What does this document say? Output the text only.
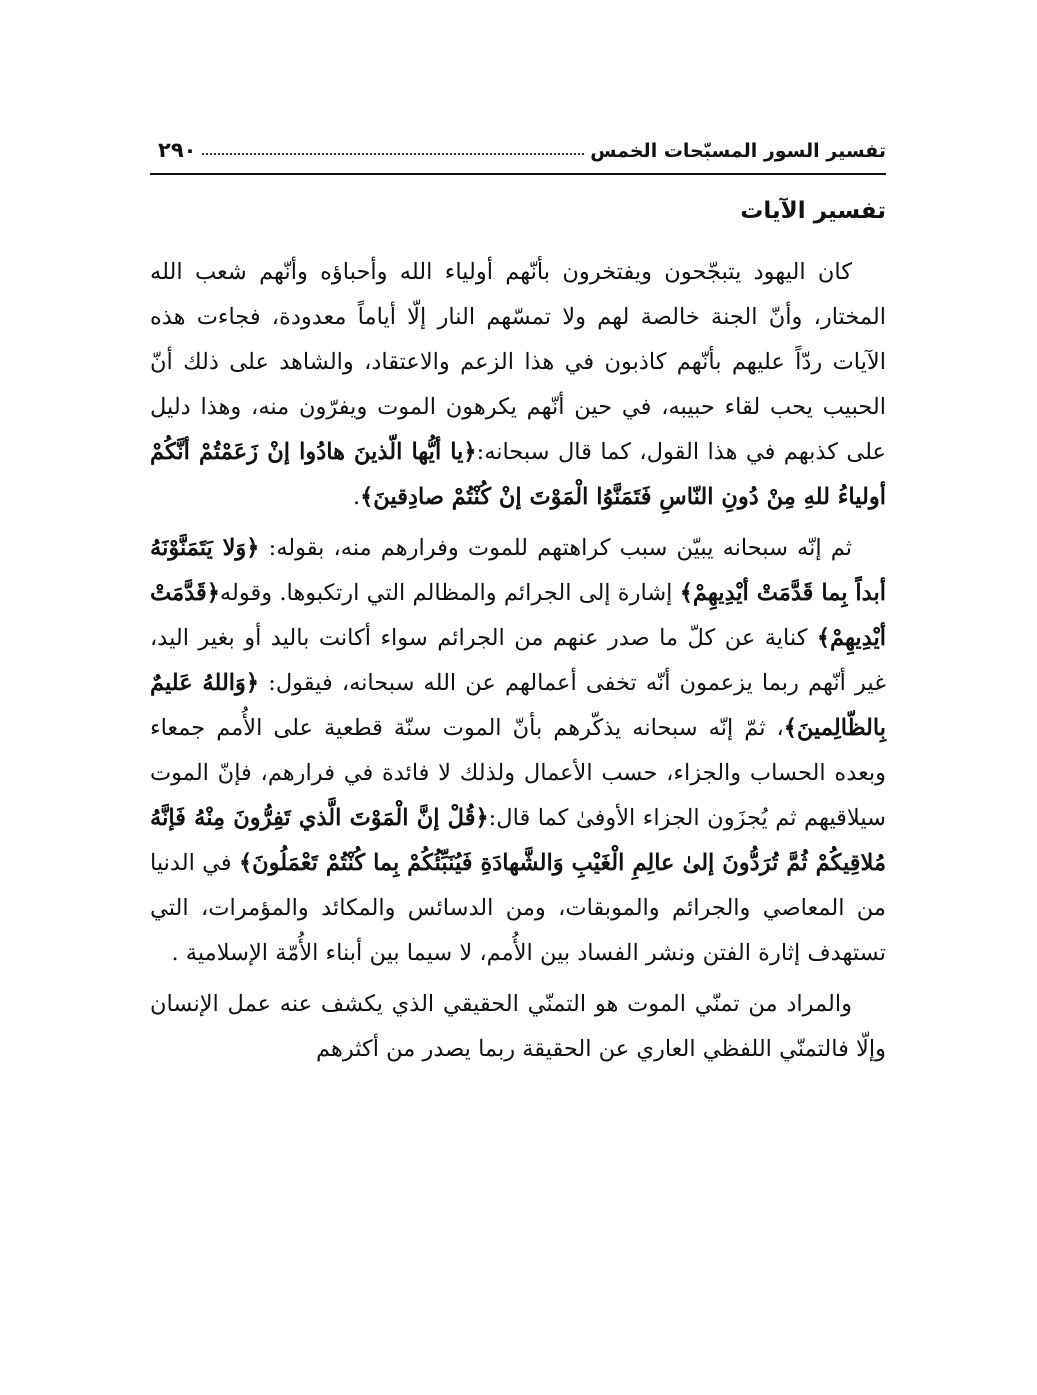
تفسير السور المسبّحات الخمس
٢٩٠
تفسير الآيات

كان اليهود يتبجّحون ويفتخرون بأنّهم أولياء الله وأحباؤه وأنّهم شعب الله المختار، وأنّ الجنة خالصة لهم ولا تمسّهم النار إلّا أياماً معدودة، فجاءت هذه الآيات ردّاً عليهم بأنّهم كاذبون في هذا الزعم والاعتقاد، والشاهد على ذلك أنّ الحبيب يحب لقاء حبيبه، في حين أنّهم يكرهون الموت ويفرّون منه، وهذا دليل على كذبهم في هذا القول، كما قال سبحانه:﴿يا أيُّها الّذينَ هادُوا إنْ زَعَمْتُمْ أنَّكُمْ أولياءُ للهِ مِنْ دُونِ النّاسِ فَتَمَنَّوُا الْمَوْتَ إنْ كُنْتُمْ صادِقينَ﴾.

ثم إنّه سبحانه يبيّن سبب كراهتهم للموت وفرارهم منه، بقوله: ﴿وَلا يَتَمَنَّوْنَهُ أبداً بِما قَدَّمَتْ أيْدِيهِمْ﴾ إشارة إلى الجرائم والمظالم التي ارتكبوها. وقوله﴿قَدَّمَتْ أيْدِيهِمْ﴾ كناية عن كلّ ما صدر عنهم من الجرائم سواء أكانت باليد أو بغير اليد، غير أنّهم ربما يزعمون أنّه تخفى أعمالهم عن الله سبحانه، فيقول: ﴿وَاللهُ عَليمٌ بِالظّالِمينَ﴾، ثمّ إنّه سبحانه يذكّرهم بأنّ الموت سنّة قطعية على الأُمم جمعاء وبعده الحساب والجزاء، حسب الأعمال ولذلك لا فائدة في فرارهم، فإنّ الموت سيلاقيهم ثم يُجزَون الجزاء الأوفىٰ كما قال:﴿قُلْ إنَّ الْمَوْتَ الَّذي تَفِرُّونَ مِنْهُ فَإنَّهُ مُلاقِيكُمْ ثُمَّ تُرَدُّونَ إلىٰ عالِمِ الْغَيْبِ وَالشَّهادَةِ فَيُنَبِّئُكُمْ بِما كُنْتُمْ تَعْمَلُونَ﴾ في الدنيا من المعاصي والجرائم والموبقات، ومن الدسائس والمكائد والمؤمرات، التي تستهدف إثارة الفتن ونشر الفساد بين الأُمم، لا سيما بين أبناء الأُمّة الإسلامية .

والمراد من تمنّي الموت هو التمنّي الحقيقي الذي يكشف عنه عمل الإنسان وإلّا فالتمنّي اللفظي العاري عن الحقيقة ربما يصدر من أكثرهم
